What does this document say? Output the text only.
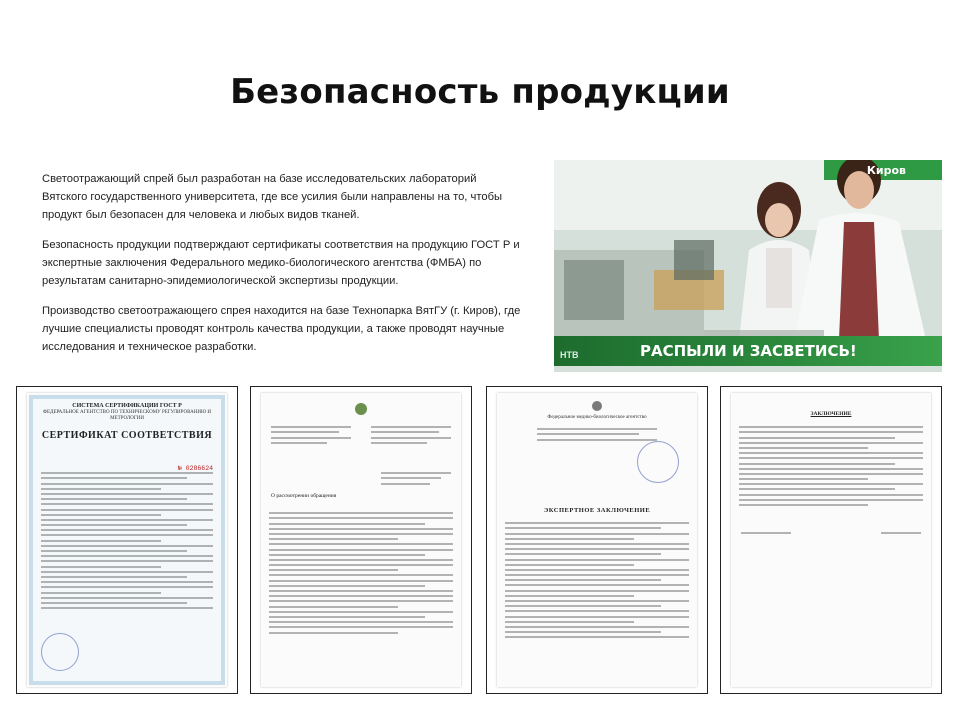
Безопасность продукции

Светоотражающий спрей был разработан на базе исследовательских лабораторий Вятского государственного университета, где все усилия были направлены на то, чтобы продукт был безопасен для человека и любых видов тканей.

Безопасность продукции подтверждают сертификаты соответствия на продукцию ГОСТ Р и экспертные заключения Федерального медико-биологического агентства (ФМБА) по результатам санитарно-эпидемиологической экспертизы продукции.

Производство светоотражающего спрея находится на базе Технопарка ВятГУ (г. Киров), где лучшие специалисты проводят контроль качества продукции, а также проводят научные исследования и техническое разработки.

Киров
РАСПЫЛИ И ЗАСВЕТИСЬ!
НТВ
СИСТЕМА СЕРТИФИКАЦИИ ГОСТ Р
ФЕДЕРАЛЬНОЕ АГЕНТСТВО ПО ТЕХНИЧЕСКОМУ РЕГУЛИРОВАНИЮ И МЕТРОЛОГИИ
СЕРТИФИКАТ СООТВЕТСТВИЯ
№ 0286624
О рассмотрении обращения
Федеральное медико-биологическое агентство
ЭКСПЕРТНОЕ ЗАКЛЮЧЕНИЕ
ЗАКЛЮЧЕНИЕ
